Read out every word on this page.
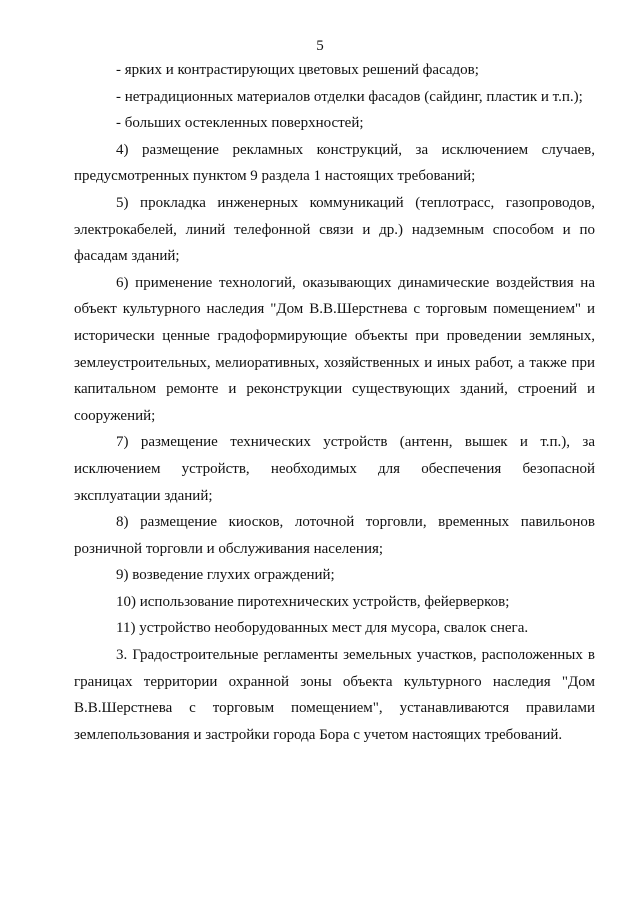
5

- ярких и контрастирующих цветовых решений фасадов;

- нетрадиционных материалов отделки фасадов (сайдинг, пластик и т.п.);

- больших остекленных поверхностей;

4) размещение рекламных конструкций, за исключением случаев, предусмотренных пунктом 9 раздела 1 настоящих требований;

5) прокладка инженерных коммуникаций (теплотрасс, газопроводов, электрокабелей, линий телефонной связи и др.) надземным способом и по фасадам зданий;

6) применение технологий, оказывающих динамические воздействия на объект культурного наследия "Дом В.В.Шерстнева с торговым помещением" и исторически ценные градоформирующие объекты при проведении земляных, землеустроительных, мелиоративных, хозяйственных и иных работ, а также при капитальном ремонте и реконструкции существующих зданий, строений и сооружений;

7) размещение технических устройств (антенн, вышек и т.п.), за исключением устройств, необходимых для обеспечения безопасной эксплуатации зданий;

8) размещение киосков, лоточной торговли, временных павильонов розничной торговли и обслуживания населения;

9) возведение глухих ограждений;

10) использование пиротехнических устройств, фейерверков;

11) устройство необорудованных мест для мусора, свалок снега.

3. Градостроительные регламенты земельных участков, расположенных в границах территории охранной зоны объекта культурного наследия "Дом В.В.Шерстнева с торговым помещением", устанавливаются правилами землепользования и застройки города Бора с учетом настоящих требований.
